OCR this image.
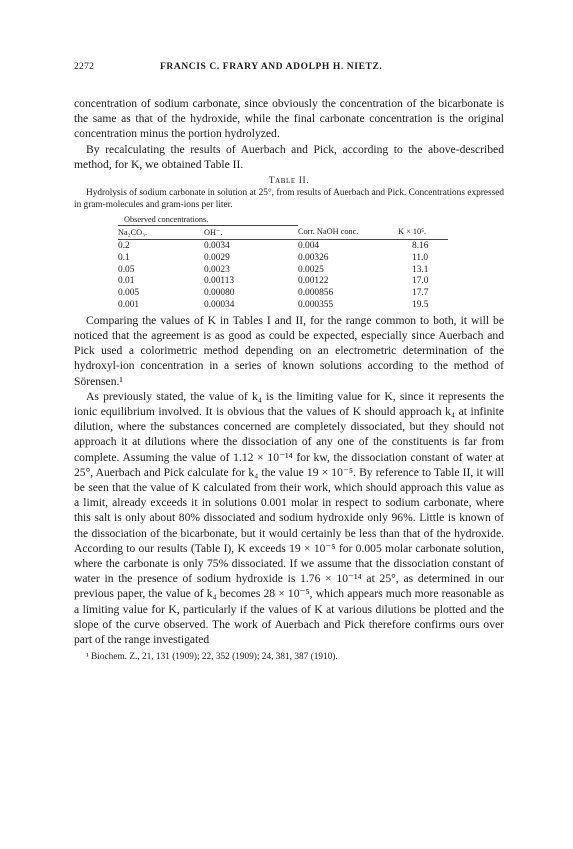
2272	FRANCIS C. FRARY AND ADOLPH H. NIETZ.

concentration of sodium carbonate, since obviously the concentration of the bicarbonate is the same as that of the hydroxide, while the final carbonate concentration is the original concentration minus the portion hydrolyzed.

By recalculating the results of Auerbach and Pick, according to the above-described method, for K, we obtained Table II.

Table II.
Hydrolysis of sodium carbonate in solution at 25°, from results of Auerbach and Pick. Concentrations expressed in gram-molecules and gram-ions per liter.
Observed concentrations.			
Na₂CO₃.	OH⁻.	Corr. NaOH conc.	K × 10⁵.
0.2	0.0034	0.004	8.16
0.1	0.0029	0.00326	11.0
0.05	0.0023	0.0025	13.1
0.01	0.00113	0.00122	17.0
0.005	0.00080	0.000856	17.7
0.001	0.00034	0.000355	19.5

Comparing the values of K in Tables I and II, for the range common to both, it will be noticed that the agreement is as good as could be expected, especially since Auerbach and Pick used a colorimetric method depending on an electrometric determination of the hydroxyl-ion concentration in a series of known solutions according to the method of Sörensen.¹

As previously stated, the value of k₄ is the limiting value for K, since it represents the ionic equilibrium involved. It is obvious that the values of K should approach k₄ at infinite dilution, where the substances concerned are completely dissociated, but they should not approach it at dilutions where the dissociation of any one of the constituents is far from complete. Assuming the value of 1.12 × 10⁻¹⁴ for kw, the dissociation constant of water at 25°, Auerbach and Pick calculate for k₄ the value 19 × 10⁻⁵. By reference to Table II, it will be seen that the value of K calculated from their work, which should approach this value as a limit, already exceeds it in solutions 0.001 molar in respect to sodium carbonate, where this salt is only about 80% dissociated and sodium hydroxide only 96%. Little is known of the dissociation of the bicarbonate, but it would certainly be less than that of the hydroxide. According to our results (Table I), K exceeds 19 × 10⁻⁵ for 0.005 molar carbonate solution, where the carbonate is only 75% dissociated. If we assume that the dissociation constant of water in the presence of sodium hydroxide is 1.76 × 10⁻¹⁴ at 25°, as determined in our previous paper, the value of k₄ becomes 28 × 10⁻⁵, which appears much more reasonable as a limiting value for K, particularly if the values of K at various dilutions be plotted and the slope of the curve observed. The work of Auerbach and Pick therefore confirms ours over part of the range investigated

¹ Biochem. Z., 21, 131 (1909); 22, 352 (1909); 24, 381, 387 (1910).
